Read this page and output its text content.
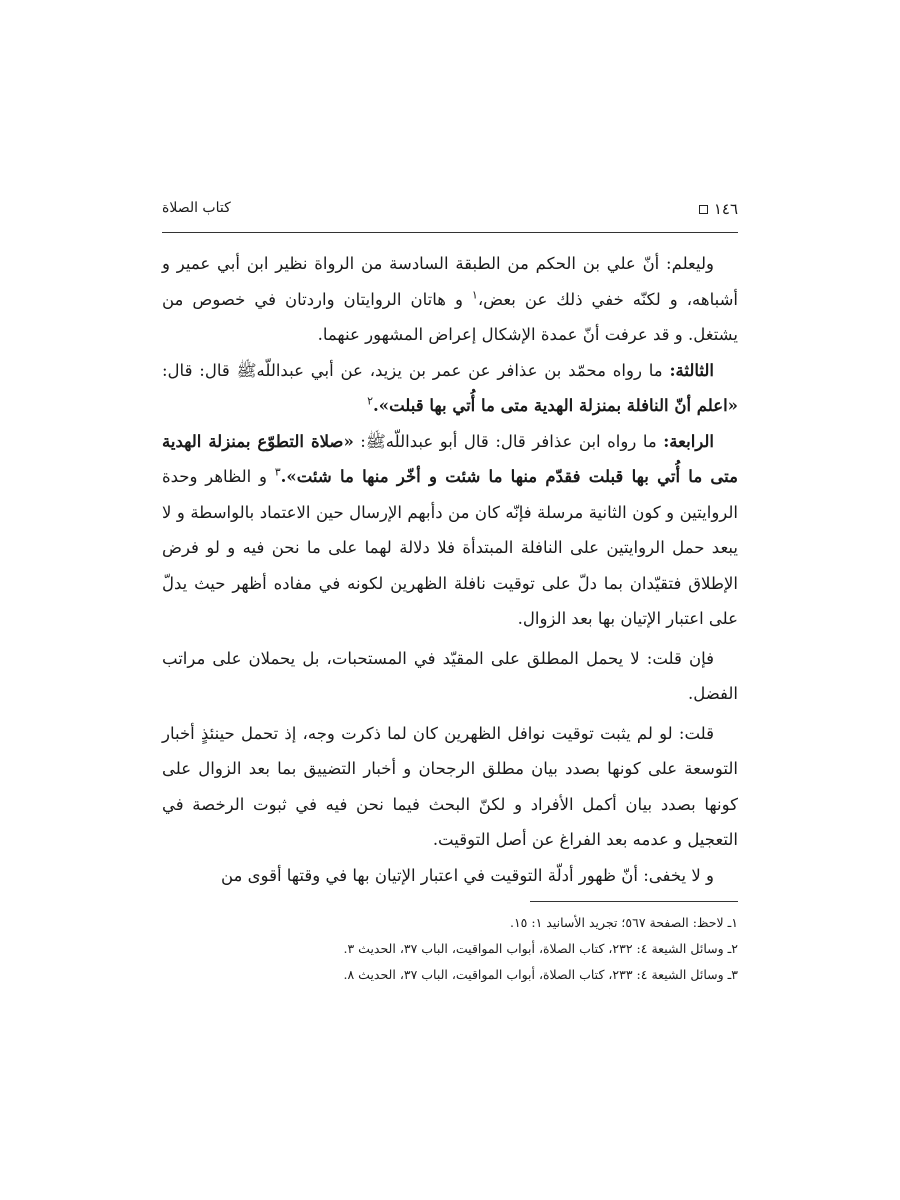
١٤٦
كتاب الصلاة

وليعلم: أنّ علي بن الحكم من الطبقة السادسة من الرواة نظير ابن أبي عمير و أشباهه، و لكنّه خفي ذلك عن بعض،$^١$ و هاتان الروايتان واردتان في خصوص من يشتغل. و قد عرفت أنّ عمدة الإشكال إعراض المشهور عنهما.

الثالثة: ما رواه محمّد بن عذافر عن عمر بن يزيد، عن أبي عبداللّهﷺ قال: قال: «اعلم أنّ النافلة بمنزلة الهدية متى ما أُتي بها قبلت».$^٢$

الرابعة: ما رواه ابن عذافر قال: قال أبو عبداللّهﷺ: «صلاة التطوّع بمنزلة الهدية متى ما أُتي بها قبلت فقدّم منها ما شئت و أخّر منها ما شئت».$^٣$ و الظاهر وحدة الروايتين و كون الثانية مرسلة فإنّه كان من دأبهم الإرسال حين الاعتماد بالواسطة و لا يبعد حمل الروايتين على النافلة المبتدأة فلا دلالة لهما على ما نحن فيه و لو فرض الإطلاق فتقيّدان بما دلّ على توقيت نافلة الظهرين لكونه في مفاده أظهر حيث يدلّ على اعتبار الإتيان بها بعد الزوال.

فإن قلت: لا يحمل المطلق على المقيّد في المستحبات، بل يحملان على مراتب الفضل.

قلت: لو لم يثبت توقيت نوافل الظهرين كان لما ذكرت وجه، إذ تحمل حينئذٍ أخبار التوسعة على كونها بصدد بيان مطلق الرجحان و أخبار التضييق بما بعد الزوال على كونها بصدد بيان أكمل الأفراد و لكنّ البحث فيما نحن فيه في ثبوت الرخصة في التعجيل و عدمه بعد الفراغ عن أصل التوقيت.

و لا يخفى: أنّ ظهور أدلّة التوقيت في اعتبار الإتيان بها في وقتها أقوى من

١ـ لاحظ: الصفحة ٥٦٧؛ تجريد الأسانيد ١: ١٥.

٢ـ وسائل الشيعة ٤: ٢٣٢، كتاب الصلاة، أبواب المواقيت، الباب ٣٧، الحديث ٣.

٣ـ وسائل الشيعة ٤: ٢٣٣، كتاب الصلاة، أبواب المواقيت، الباب ٣٧، الحديث ٨.
